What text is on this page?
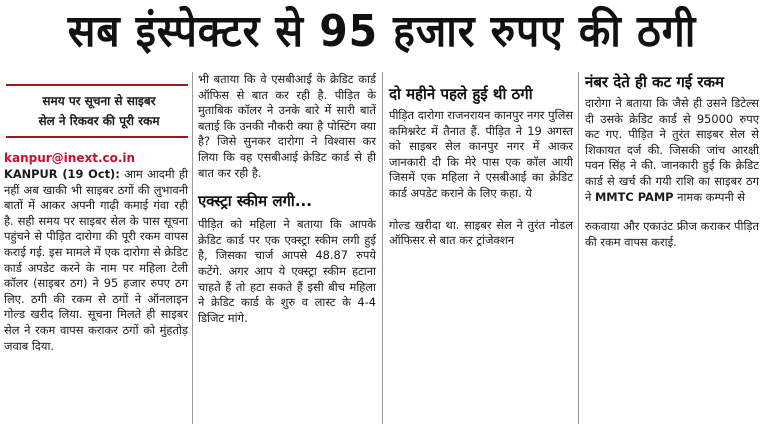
सब इंस्पेक्टर से 95 हजार रुपए की ठगी
समय पर सूचना से साइबर
सेल ने रिकवर की पूरी रकम
kanpur@inext.co.in

KANPUR (19 Oct): आम आदमी ही नहीं अब खाकी भी साइबर ठगों की लुभावनी बातों में आकर अपनी गाढ़ी कमाई गंवा रही है. सही समय पर साइबर सेल के पास सूचना पहुंचने से पीड़ित दारोगा की पूरी रकम वापस कराई गई. इस मामले में एक दारोगा से क्रेडिट कार्ड अपडेट करने के नाम पर महिला टेली कॉलर (साइबर ठग) ने 95 हजार रुपए ठग लिए. ठगी की रकम से ठगों ने ऑनलाइन गोल्ड खरीद लिया. सूचना मिलते ही साइबर सेल ने रकम वापस कराकर ठगों को मुंहतोड़ जवाब दिया.

भी बताया कि वे एसबीआई के क्रेडिट कार्ड ऑफिस से बात कर रही है. पीड़ित के मुताबिक कॉलर ने उनके बारे में सारी बातें बताई कि उनकी नौकरी क्या है पोस्टिंग क्या है? जिसे सुनकर दारोगा ने विश्वास कर लिया कि वह एसबीआई क्रेडिट कार्ड से ही बात कर रही है.

एक्स्ट्रा स्कीम लगी...

पीड़ित को महिला ने बताया कि आपके क्रेडिट कार्ड पर एक एक्स्ट्रा स्कीम लगी हुई है, जिसका चार्ज आपसे 48.87 रुपये कटेंगे. अगर आप ये एक्स्ट्रा स्कीम हटाना चाहते हैं तो हटा सकते हैं इसी बीच महिला ने क्रेडिट कार्ड के शुरु व लास्ट के 4-4 डिजिट मांगे.

दो महीने पहले हुई थी ठगी

पीड़ित दारोगा राजनरायन कानपुर नगर पुलिस कमिश्नरेट में तैनात हैं. पीड़ित ने 19 अगस्त को साइबर सेल कानपुर नगर में आकर जानकारी दी कि मेरे पास एक कॉल आयी जिसमें एक महिला ने एसबीआई का क्रेडिट कार्ड अपडेट कराने के लिए कहा. ये

गोल्ड खरीदा था. साइबर सेल ने तुरंत नोडल ऑफिसर से बात कर ट्रांजेक्शन

नंबर देते ही कट गई रकम

दारोगा ने बताया कि जैसे ही उसने डिटेल्स दी उसके क्रेडिट कार्ड से 95000 रुपए कट गए. पीड़ित ने तुरंत साइबर सेल से शिकायत दर्ज की. जिसकी जांच आरक्षी पवन सिंह ने की. जानकारी हुई कि क्रेडिट कार्ड से खर्च की गयी राशि का साइबर ठग ने MMTC PAMP नामक कम्पनी से

रुकवाया और एकाउंट फ्रीज कराकर पीड़ित की रकम वापस कराई.
